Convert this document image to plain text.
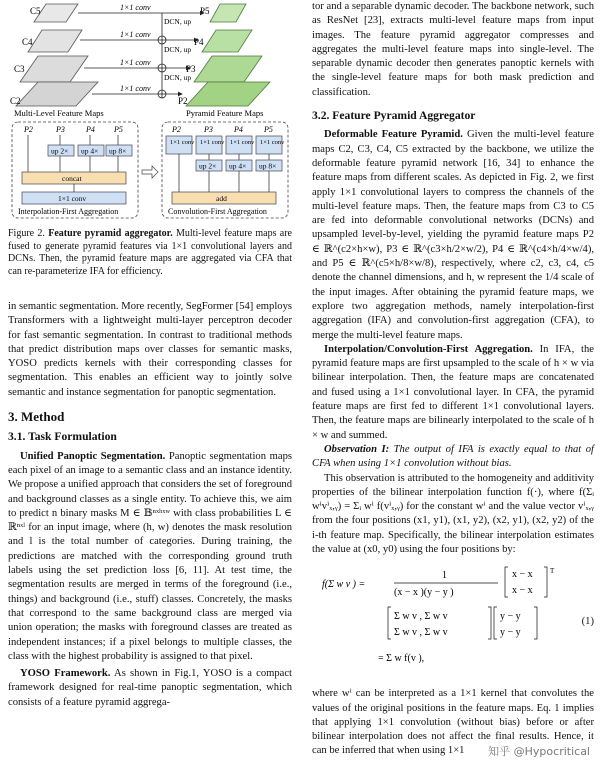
C5
C4
C3
C2
P5
P4
P3
P2
1×1 conv
1×1 conv
1×1 conv
1×1 conv
DCN, up
DCN, up
DCN, up
Multi-Level Feature Maps	Pyramid Feature Maps
P2	P3	P4 P5
up 2× up 4× up 8×
concat
1×1 conv
Interpolation-First Aggregation
P2	P3	P4	P5
1×1 conv 1×1 conv 1×1 conv 1×1 conv
up 2× up 4× up 8×
add
Convolution-First Aggregation

Figure 2. Feature pyramid aggregator. Multi-level feature maps are fused to generate pyramid features via 1×1 convolutional layers and DCNs. Then, the pyramid feature maps are aggregated via CFA that can re-parameterize IFA for efficiency.

in semantic segmentation. More recently, SegFormer [54] employs Transformers with a lightweight multi-layer perceptron decoder for fast semantic segmentation. In contrast to traditional methods that predict distribution maps over classes for semantic masks, YOSO predicts kernels with their corresponding classes for segmentation. This enables an efficient way to jointly solve semantic and instance segmentation for panoptic segmentation.

3. Method
3.1. Task Formulation

Unified Panoptic Segmentation. Panoptic segmentation maps each pixel of an image to a semantic class and an instance identity. We propose a unified approach that considers the set of foreground and background classes as a single entity. To achieve this, we aim to predict n binary masks M ∈ 𝔹ⁿˣʰˣʷ with class probabilities L ∈ ℝⁿˣˡ for an input image, where (h, w) denotes the mask resolution and l is the total number of categories. During training, the predictions are matched with the corresponding ground truth labels using the set prediction loss [6, 11]. At test time, the segmentation results are merged in terms of the foreground (i.e., things) and background (i.e., stuff) classes. Concretely, the masks that correspond to the same background class are merged via union operation; the masks with foreground classes are treated as independent instances; if a pixel belongs to multiple classes, the class with the highest probability is assigned to that pixel.

YOSO Framework. As shown in Fig.1, YOSO is a compact framework designed for real-time panoptic segmentation, which consists of a feature pyramid aggrega-

tor and a separable dynamic decoder. The backbone network, such as ResNet [23], extracts multi-level feature maps from input images. The feature pyramid aggregator compresses and aggregates the multi-level feature maps into single-level. The separable dynamic decoder then generates panoptic kernels with the single-level feature maps for both mask prediction and classification.

3.2. Feature Pyramid Aggregator

Deformable Feature Pyramid. Given the multi-level feature maps C2, C3, C4, C5 extracted by the backbone, we utilize the deformable feature pyramid network [16, 34] to enhance the feature maps from different scales. As depicted in Fig. 2, we first apply 1×1 convolutional layers to compress the channels of the multi-level feature maps. Then, the feature maps from C3 to C5 are fed into deformable convolutional networks (DCNs) and upsampled level-by-level, yielding the pyramid feature maps P2 ∈ ℝ^(c2×h×w), P3 ∈ ℝ^(c3×h/2×w/2), P4 ∈ ℝ^(c4×h/4×w/4), and P5 ∈ ℝ^(c5×h/8×w/8), respectively, where c2, c3, c4, c5 denote the channel dimensions, and h, w represent the 1/4 scale of the input images. After obtaining the pyramid feature maps, we explore two aggregation methods, namely interpolation-first aggregation (IFA) and convolution-first aggregation (CFA), to merge the multi-level feature maps.

Interpolation/Convolution-First Aggregation. In IFA, the pyramid feature maps are first upsampled to the scale of h × w via bilinear interpolation. Then, the feature maps are concatenated and fused using a 1×1 convolutional layer. In CFA, the pyramid feature maps are first fed to different 1×1 convolutional layers. Then, the feature maps are bilinearly interpolated to the scale of h × w and summed.

Observation I: The output of IFA is exactly equal to that of CFA when using 1×1 convolution without bias.

This observation is attributed to the homogeneity and additivity properties of the bilinear interpolation function f(·), where f(Σᵢ wⁱvⁱₓ,ᵧ) = Σᵢ wⁱ f(vⁱₓ,ᵧ) for the constant wⁱ and the value vector vⁱₓ,ᵧ from the four positions (x1, y1), (x1, y2), (x2, y1), (x2, y2) of the i-th feature map. Specifically, the bilinear interpolation estimates the value at (x0, y0) using the four positions by:

f(Σ w v ) =
1
(x − x )(y − y )
x − x
x − x
T
Σ w v , Σ w v
Σ w v , Σ w v
y − y
y − y
= Σ w f(v ),
(1)

where wⁱ can be interpreted as a 1×1 kernel that convolutes the values of the original positions in the feature maps. Eq. 1 implies that applying 1×1 convolution (without bias) before or after bilinear interpolation does not affect the final results. Hence, it can be inferred that when using 1×1	知乎 @Hypocritical
